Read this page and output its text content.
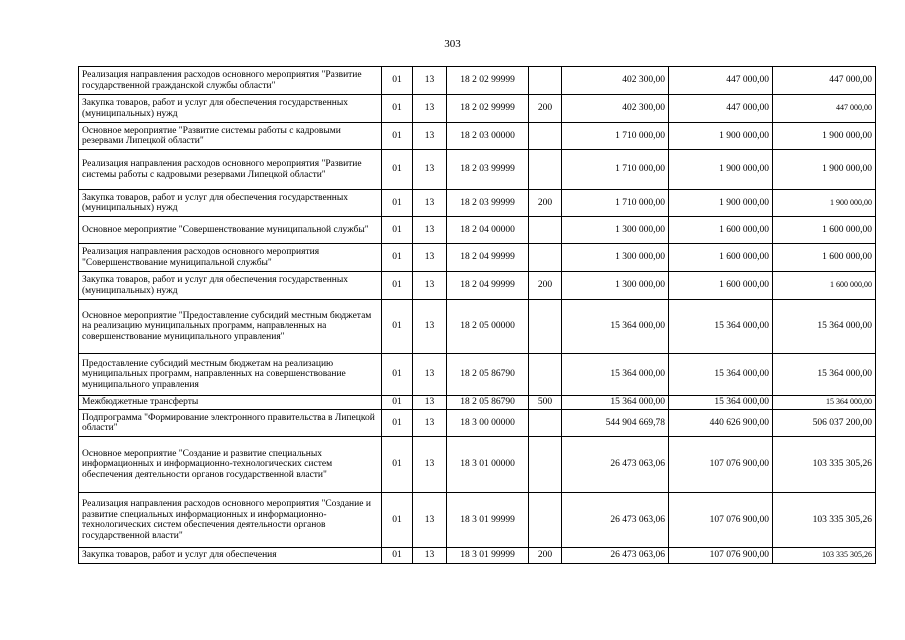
303
Реализация направления расходов основного мероприятия "Развитие государственной гражданской службы области"	01	13	18 2 02 99999		402 300,00	447 000,00	447 000,00
Закупка товаров, работ и услуг для обеспечения государственных (муниципальных) нужд	01	13	18 2 02 99999	200	402 300,00	447 000,00	447 000,00
Основное мероприятие "Развитие системы работы с кадровыми резервами Липецкой области"	01	13	18 2 03 00000		1 710 000,00	1 900 000,00	1 900 000,00
Реализация направления расходов основного мероприятия "Развитие системы работы с кадровыми резервами Липецкой области"	01	13	18 2 03 99999		1 710 000,00	1 900 000,00	1 900 000,00
Закупка товаров, работ и услуг для обеспечения государственных (муниципальных) нужд	01	13	18 2 03 99999	200	1 710 000,00	1 900 000,00	1 900 000,00
Основное мероприятие "Совершенствование муниципальной службы"	01	13	18 2 04 00000		1 300 000,00	1 600 000,00	1 600 000,00
Реализация направления расходов основного мероприятия "Совершенствование муниципальной службы"	01	13	18 2 04 99999		1 300 000,00	1 600 000,00	1 600 000,00
Закупка товаров, работ и услуг для обеспечения государственных (муниципальных) нужд	01	13	18 2 04 99999	200	1 300 000,00	1 600 000,00	1 600 000,00
Основное мероприятие "Предоставление субсидий местным бюджетам на реализацию муниципальных программ, направленных на совершенствование муниципального управления"	01	13	18 2 05 00000		15 364 000,00	15 364 000,00	15 364 000,00
Предоставление субсидий местным бюджетам на реализацию муниципальных программ, направленных на совершенствование муниципального управления	01	13	18 2 05 86790		15 364 000,00	15 364 000,00	15 364 000,00
Межбюджетные трансферты	01	13	18 2 05 86790	500	15 364 000,00	15 364 000,00	15 364 000,00
Подпрограмма "Формирование электронного правительства в Липецкой области"	01	13	18 3 00 00000		544 904 669,78	440 626 900,00	506 037 200,00
Основное мероприятие "Создание и развитие специальных информационных и информационно-технологических систем обеспечения деятельности органов государственной власти"	01	13	18 3 01 00000		26 473 063,06	107 076 900,00	103 335 305,26
Реализация направления расходов основного мероприятия "Создание и развитие специальных информационных и информационно-технологических систем обеспечения деятельности органов государственной власти"	01	13	18 3 01 99999		26 473 063,06	107 076 900,00	103 335 305,26
Закупка товаров, работ и услуг для обеспечения	01	13	18 3 01 99999	200	26 473 063,06	107 076 900,00	103 335 305,26
